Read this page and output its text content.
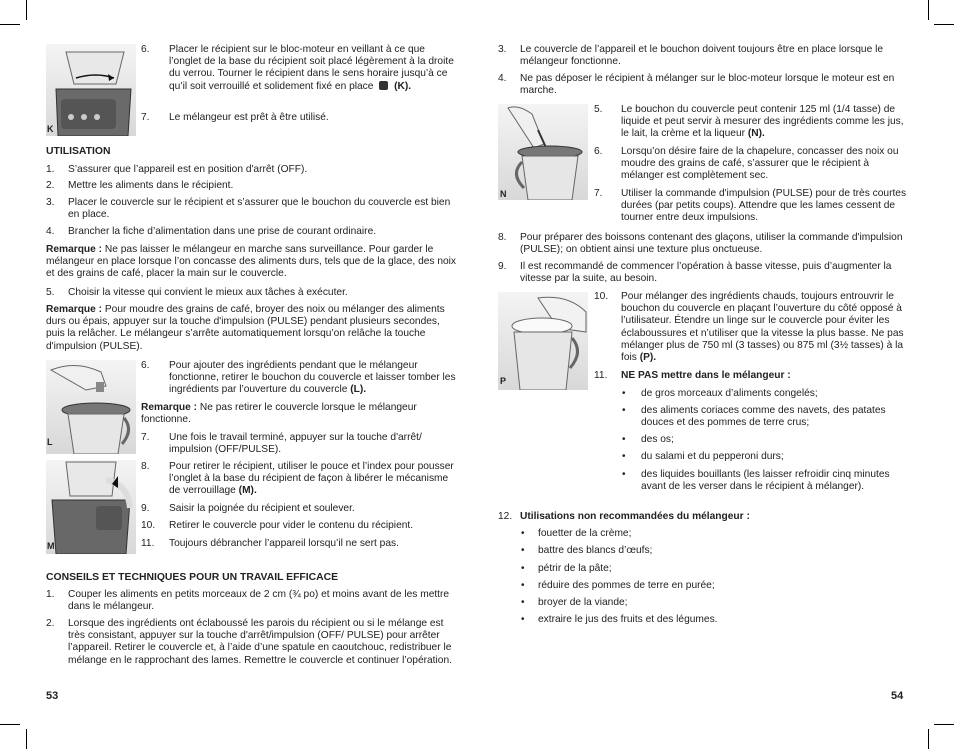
K
6. Placer le récipient sur le bloc-moteur en veillant à ce que l’onglet de la base du récipient soit placé légèrement à la droite du verrou. Tourner le récipient dans le sens horaire jusqu’à ce qu’il soit verrouillé et solidement fixé en place (K).
7. Le mélangeur est prêt à être utilisé.
UTILISATION
1. S’assurer que l’appareil est en position d'arrêt (OFF).
2. Mettre les aliments dans le récipient.
3. Placer le couvercle sur le récipient et s’assurer que le bouchon du couvercle est bien en place.
4. Brancher la fiche d’alimentation dans une prise de courant ordinaire.
Remarque : Ne pas laisser le mélangeur en marche sans surveillance. Pour garder le mélangeur en place lorsque l’on concasse des aliments durs, tels que de la glace, des noix et des grains de café, placer la main sur le couvercle.
5. Choisir la vitesse qui convient le mieux aux tâches à exécuter.
Remarque : Pour moudre des grains de café, broyer des noix ou mélanger des aliments durs ou épais, appuyer sur la touche d'impulsion (PULSE) pendant plusieurs secondes, puis la relâcher. Le mélangeur s’arrête automatiquement lorsqu’on relâche la touche d'impulsion (PULSE).
L
6. Pour ajouter des ingrédients pendant que le mélangeur fonctionne, retirer le bouchon du couvercle et laisser tomber les ingrédients par l’ouverture du couvercle (L).
Remarque : Ne pas retirer le couvercle lorsque le mélangeur fonctionne.
7. Une fois le travail terminé, appuyer sur la touche d'arrêt/ impulsion (OFF/PULSE).
M
8. Pour retirer le récipient, utiliser le pouce et l’index pour pousser l’onglet à la base du récipient de façon à libérer le mécanisme de verrouillage (M).
9. Saisir la poignée du récipient et soulever.
10. Retirer le couvercle pour vider le contenu du récipient.
11. Toujours débrancher l’appareil lorsqu’il ne sert pas.
CONSEILS ET TECHNIQUES POUR UN TRAVAIL EFFICACE
1. Couper les aliments en petits morceaux de 2 cm (¾ po) et moins avant de les mettre dans le mélangeur.
2. Lorsque des ingrédients ont éclaboussé les parois du récipient ou si le mélange est très consistant, appuyer sur la touche d'arrêt/impulsion (OFF/ PULSE) pour arrêter l’appareil. Retirer le couvercle et, à l’aide d’une spatule en caoutchouc, redistribuer le mélange en le rapprochant des lames. Remettre le couvercle et continuer l’opération.
53
3. Le couvercle de l’appareil et le bouchon doivent toujours être en place lorsque le mélangeur fonctionne.
4. Ne pas déposer le récipient à mélanger sur le bloc-moteur lorsque le moteur est en marche.
N
5. Le bouchon du couvercle peut contenir 125 ml (1/4 tasse) de liquide et peut servir à mesurer des ingrédients comme les jus, le lait, la crème et la liqueur (N).
6. Lorsqu’on désire faire de la chapelure, concasser des noix ou moudre des grains de café, s’assurer que le récipient à mélanger est complètement sec.
7. Utiliser la commande d'impulsion (PULSE) pour de très courtes durées (par petits coups). Attendre que les lames cessent de tourner entre deux impulsions.
8. Pour préparer des boissons contenant des glaçons, utiliser la commande d'impulsion (PULSE); on obtient ainsi une texture plus onctueuse.
9. Il est recommandé de commencer l’opération à basse vitesse, puis d’augmenter la vitesse par la suite, au besoin.
P
10. Pour mélanger des ingrédients chauds, toujours entrouvrir le bouchon du couvercle en plaçant l’ouverture du côté opposé à l’utilisateur. Étendre un linge sur le couvercle pour éviter les éclaboussures et n’utiliser que la vitesse la plus basse. Ne pas mélanger plus de 750 ml (3 tasses) ou 875 ml (3½ tasses) à la fois (P).
11. NE PAS mettre dans le mélangeur :
• de gros morceaux d’aliments congelés;
• des aliments coriaces comme des navets, des patates douces et des pommes de terre crus;
• des os;
• du salami et du pepperoni durs;
• des liquides bouillants (les laisser refroidir cinq minutes avant de les verser dans le récipient à mélanger).
12. Utilisations non recommandées du mélangeur :
• fouetter de la crème;
• battre des blancs d’œufs;
• pétrir de la pâte;
• réduire des pommes de terre en purée;
• broyer de la viande;
• extraire le jus des fruits et des légumes.
54
